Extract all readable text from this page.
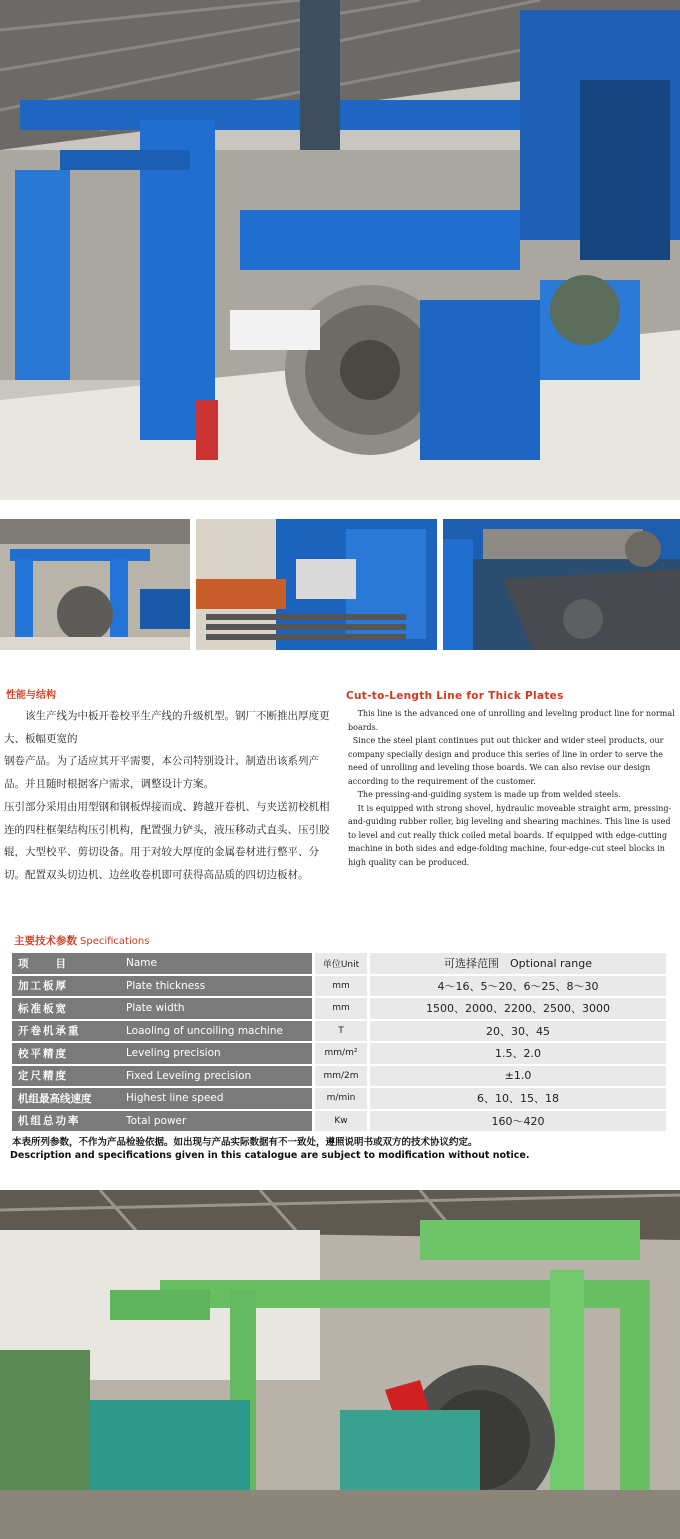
性能与结构

该生产线为中板开卷校平生产线的升级机型。钢厂不断推出厚度更大、板幅更宽的

钢卷产品。为了适应其开平需要，本公司特别设计、制造出该系列产品。并且随时根据客户需求，调整设计方案。

压引部分采用由用型钢和钢板焊接而成、跨越开卷机、与夹送初校机相连的四柱框架结构压引机构，配置强力铲头，液压移动式直头、压引胶辊，大型校平、剪切设备。用于对较大厚度的金属卷材进行整平、分切。配置双头切边机、边丝收卷机即可获得高品质的四切边板材。

Cut-to-Length Line for Thick Plates

This line is the advanced one of unrolling and leveling product line for normal boards.

Since the steel plant continues put out thicker and wider steel products, our company specially design and produce this series of line in order to serve the need of unrolling and leveling those boards. We can also revise our design according to the requirement of the customer.

The pressing-and-guiding system is made up from welded steels.

It is equipped with strong shovel, hydraulic moveable straight arm, pressing-and-guiding rubber roller, big leveling and shearing machines. This line is used to level and cut really thick coiled metal boards. If equipped with edge-cutting machine in both sides and edge-folding machine, four-edge-cut steel blocks in high quality can be produced.

主要技术参数 Specifications
项　　目	Name	单位Unit	可选择范围　Optional range
加工板厚	Plate thickness	mm	4～16、5～20、6～25、8～30
标准板宽	Plate width	mm	1500、2000、2200、2500、3000
开卷机承重	Loaoling of uncoiling machine	T	20、30、45
校平精度	Leveling precision	mm/m²	1.5、2.0
定尺精度	Fixed Leveling precision	mm/2m	±1.0
机组最高线速度	Highest line speed	m/min	6、10、15、18
机组总功率	Total power	Kw	160～420
本表所列参数，不作为产品检验依据。如出现与产品实际数据有不一致处，遵照说明书或双方的技术协议约定。
Description and specifications given in this catalogue are subject to modification without notice.
